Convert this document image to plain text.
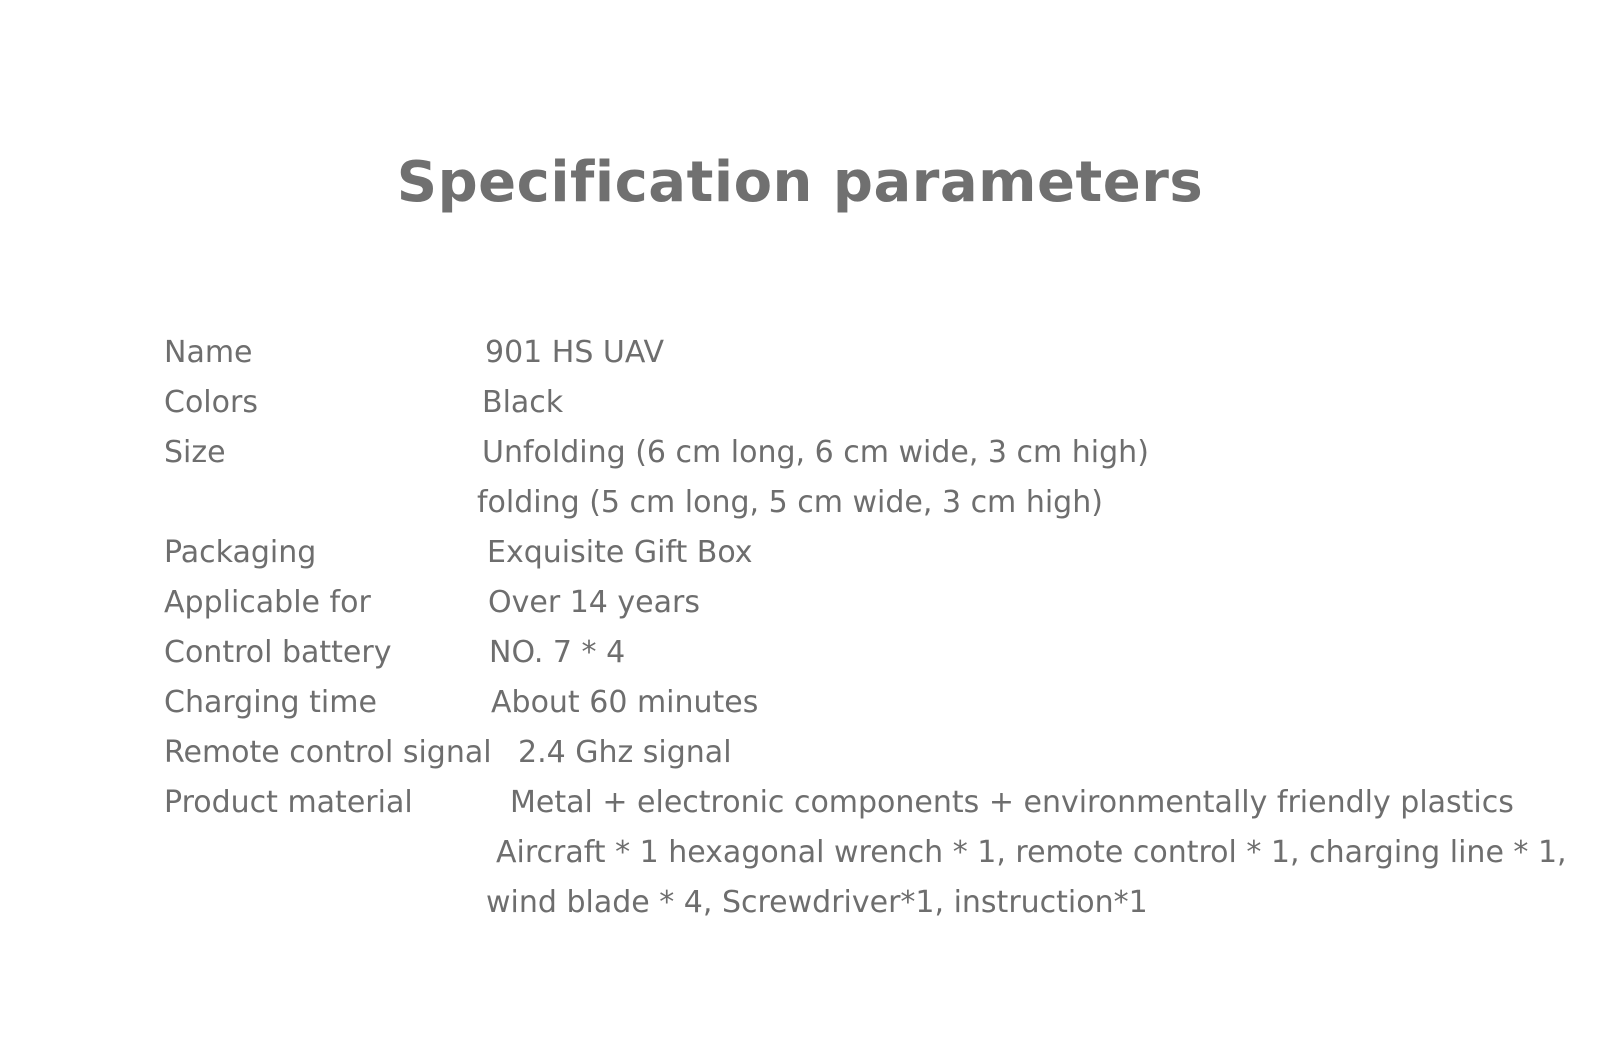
Specification parameters
Name	901 HS UAV
Colors	Black
Size	Unfolding (6 cm long, 6 cm wide, 3 cm high)
folding (5 cm long, 5 cm wide, 3 cm high)
Packaging	Exquisite Gift Box
Applicable for	Over 14 years
Control battery	NO. 7 * 4
Charging time	About 60 minutes
Remote control signal 2.4 Ghz signal
Product material	Metal + electronic components + environmentally friendly plastics
Aircraft * 1 hexagonal wrench * 1, remote control * 1, charging line * 1,
wind blade * 4, Screwdriver*1, instruction*1
